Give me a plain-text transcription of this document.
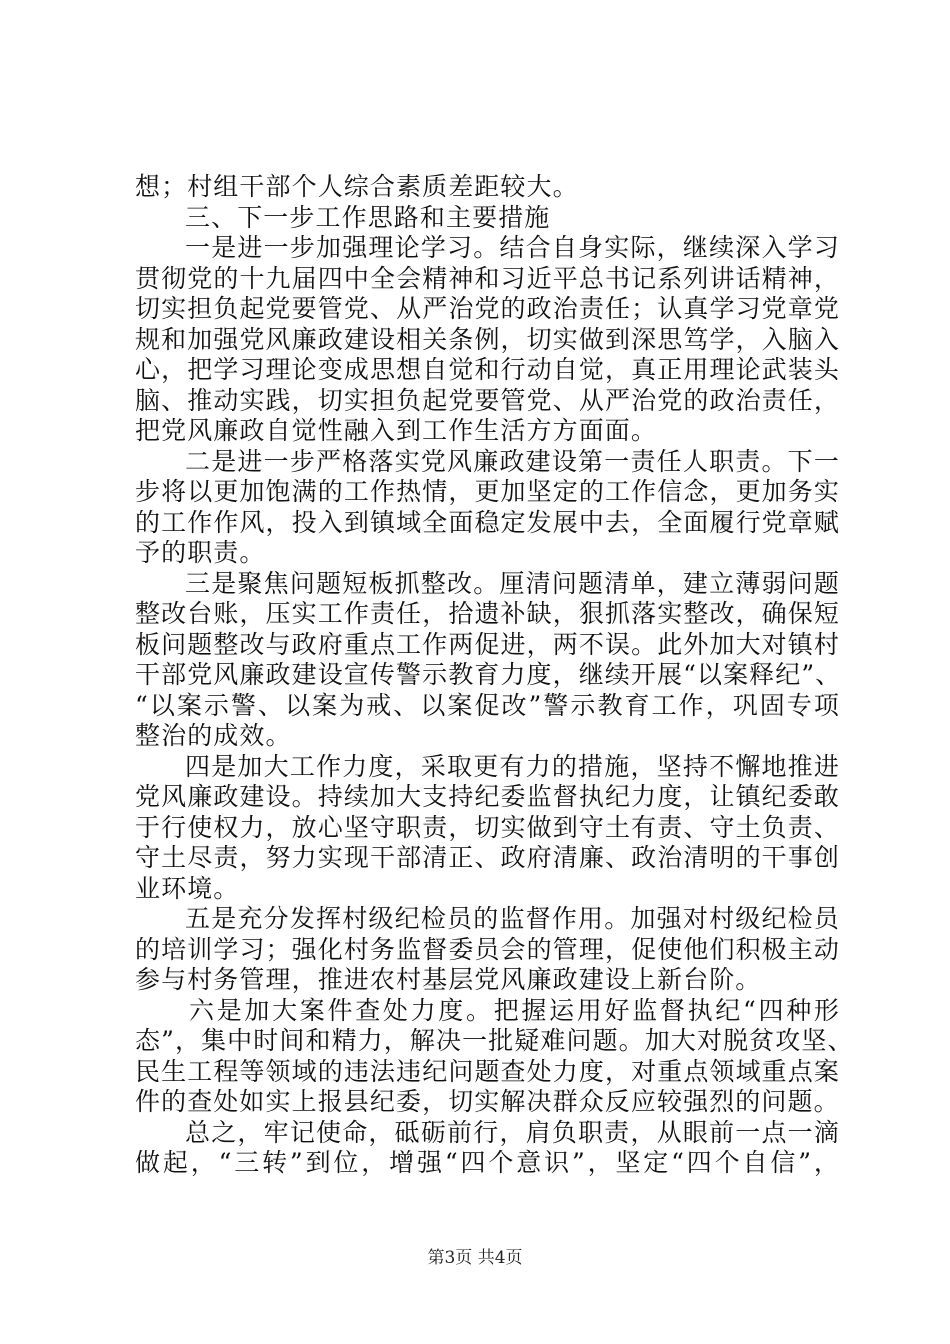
想；村组干部个人综合素质差距较大。
三、下一步工作思路和主要措施
一是进一步加强理论学习。结合自身实际，继续深入学习
贯彻党的十九届四中全会精神和习近平总书记系列讲话精神，
切实担负起党要管党、从严治党的政治责任；认真学习党章党
规和加强党风廉政建设相关条例，切实做到深思笃学，入脑入
心，把学习理论变成思想自觉和行动自觉，真正用理论武装头
脑、推动实践，切实担负起党要管党、从严治党的政治责任，
把党风廉政自觉性融入到工作生活方方面面。
二是进一步严格落实党风廉政建设第一责任人职责。下一
步将以更加饱满的工作热情，更加坚定的工作信念，更加务实
的工作作风，投入到镇域全面稳定发展中去，全面履行党章赋
予的职责。
三是聚焦问题短板抓整改。厘清问题清单，建立薄弱问题
整改台账，压实工作责任，拾遗补缺，狠抓落实整改，确保短
板问题整改与政府重点工作两促进，两不误。此外加大对镇村
干部党风廉政建设宣传警示教育力度，继续开展“以案释纪”、
“以案示警、以案为戒、以案促改”警示教育工作，巩固专项
整治的成效。
四是加大工作力度，采取更有力的措施，坚持不懈地推进
党风廉政建设。持续加大支持纪委监督执纪力度，让镇纪委敢
于行使权力，放心坚守职责，切实做到守土有责、守土负责、
守土尽责，努力实现干部清正、政府清廉、政治清明的干事创
业环境。
五是充分发挥村级纪检员的监督作用。加强对村级纪检员
的培训学习；强化村务监督委员会的管理，促使他们积极主动
参与村务管理，推进农村基层党风廉政建设上新台阶。
六是加大案件查处力度。把握运用好监督执纪“四种形
态”，集中时间和精力，解决一批疑难问题。加大对脱贫攻坚、
民生工程等领域的违法违纪问题查处力度，对重点领域重点案
件的查处如实上报县纪委，切实解决群众反应较强烈的问题。
总之，牢记使命，砥砺前行，肩负职责，从眼前一点一滴
做起，“三转”到位，增强“四个意识”，坚定“四个自信”，
第3页 共4页
